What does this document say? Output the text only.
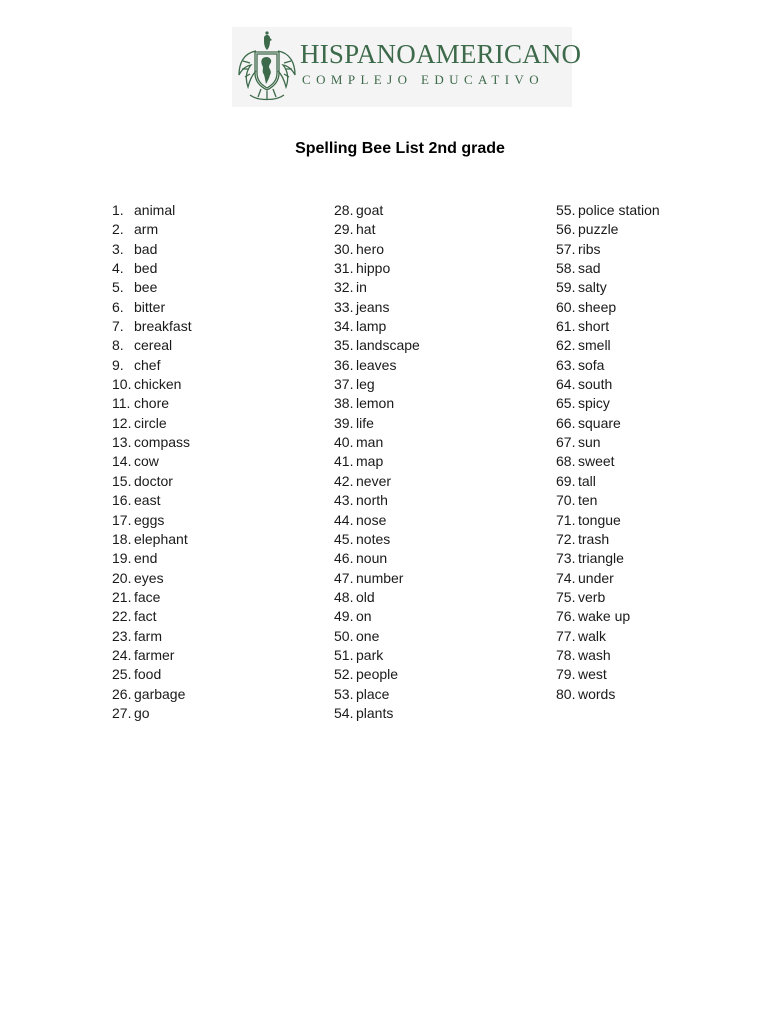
HISPANOAMERICANO
COMPLEJO EDUCATIVO
Spelling Bee List 2nd grade
1. animal
2. arm
3. bad
4. bed
5. bee
6. bitter
7. breakfast
8. cereal
9. chef
10. chicken
11. chore
12. circle
13. compass
14. cow
15. doctor
16. east
17. eggs
18. elephant
19. end
20. eyes
21. face
22. fact
23. farm
24. farmer
25. food
26. garbage
27. go
28. goat
29. hat
30. hero
31. hippo
32. in
33. jeans
34. lamp
35. landscape
36. leaves
37. leg
38. lemon
39. life
40. man
41. map
42. never
43. north
44. nose
45. notes
46. noun
47. number
48. old
49. on
50. one
51. park
52. people
53. place
54. plants
55. police station
56. puzzle
57. ribs
58. sad
59. salty
60. sheep
61. short
62. smell
63. sofa
64. south
65. spicy
66. square
67. sun
68. sweet
69. tall
70. ten
71. tongue
72. trash
73. triangle
74. under
75. verb
76. wake up
77. walk
78. wash
79. west
80. words
